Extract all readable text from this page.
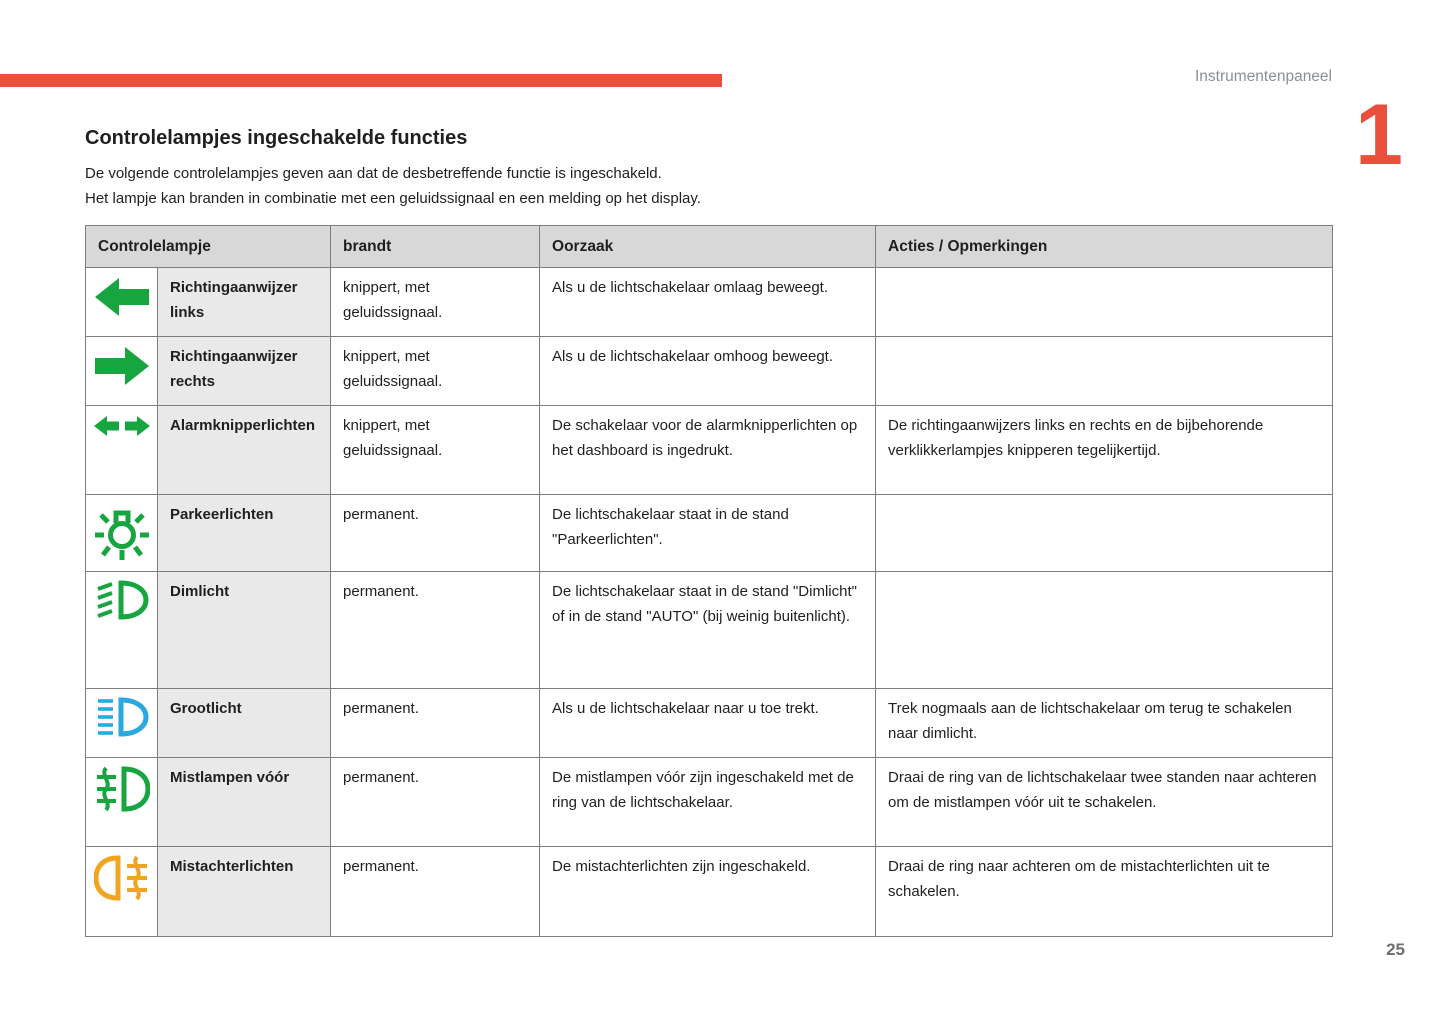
Instrumentenpaneel
1
Controlelampjes ingeschakelde functies
De volgende controlelampjes geven aan dat de desbetreffende functie is ingeschakeld.
Het lampje kan branden in combinatie met een geluidssignaal en een melding op het display.
Controlelampje		brandt	Oorzaak	Acties / Opmerkingen
	Richtingaanwijzer links	knippert, met geluidssignaal.	Als u de lichtschakelaar omlaag beweegt.	
	Richtingaanwijzer rechts	knippert, met geluidssignaal.	Als u de lichtschakelaar omhoog beweegt.	
	Alarmknipperlichten	knippert, met geluidssignaal.	De schakelaar voor de alarmknipperlichten op het dashboard is ingedrukt.	De richtingaanwijzers links en rechts en de bijbehorende verklikkerlampjes knipperen tegelijkertijd.
	Parkeerlichten	permanent.	De lichtschakelaar staat in de stand "Parkeerlichten".	
	Dimlicht	permanent.	De lichtschakelaar staat in de stand "Dimlicht" of in de stand "AUTO" (bij weinig buitenlicht).	
	Grootlicht	permanent.	Als u de lichtschakelaar naar u toe trekt.	Trek nogmaals aan de lichtschakelaar om terug te schakelen naar dimlicht.
	Mistlampen vóór	permanent.	De mistlampen vóór zijn ingeschakeld met de ring van de lichtschakelaar.	Draai de ring van de lichtschakelaar twee standen naar achteren om de mistlampen vóór uit te schakelen.
	Mistachterlichten	permanent.	De mistachterlichten zijn ingeschakeld.	Draai de ring naar achteren om de mistachterlichten uit te schakelen.
25
